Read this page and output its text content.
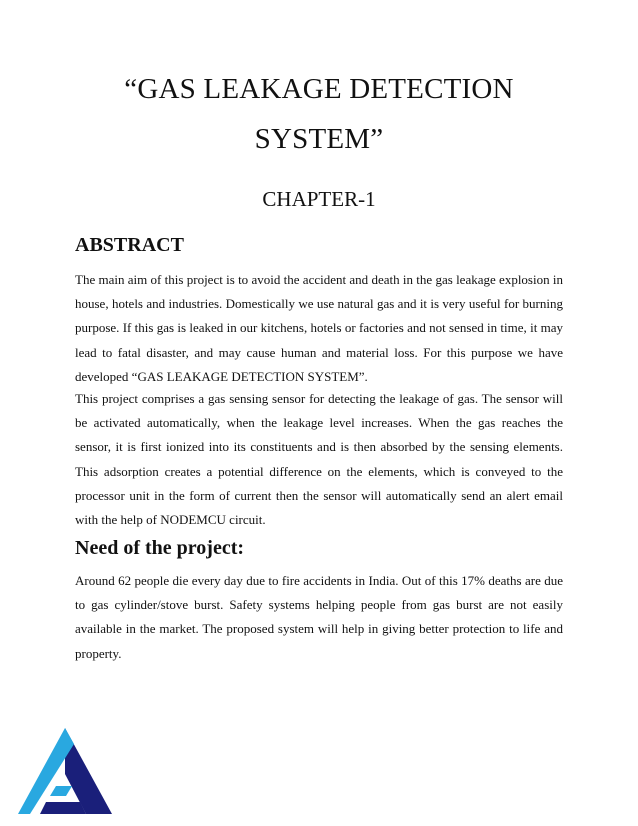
“GAS LEAKAGE DETECTION

SYSTEM”
CHAPTER-1
ABSTRACT

The main aim of this project is to avoid the accident and death in the gas leakage explosion in house, hotels and industries. Domestically we use natural gas and it is very useful for burning purpose. If this gas is leaked in our kitchens, hotels or factories and not sensed in time, it may lead to fatal disaster, and may cause human and material loss. For this purpose we have developed “GAS LEAKAGE DETECTION SYSTEM”.

This project comprises a gas sensing sensor for detecting the leakage of gas. The sensor will be activated automatically, when the leakage level increases. When the gas reaches the sensor, it is first ionized into its constituents and is then absorbed by the sensing elements. This adsorption creates a potential difference on the elements, which is conveyed to the processor unit in the form of current then the sensor will automatically send an alert email with the help of NODEMCU circuit.

Need of the project:

Around 62 people die every day due to fire accidents in India. Out of this 17% deaths are due to gas cylinder/stove burst. Safety systems helping people from gas burst are not easily available in the market. The proposed system will help in giving better protection to life and property.
